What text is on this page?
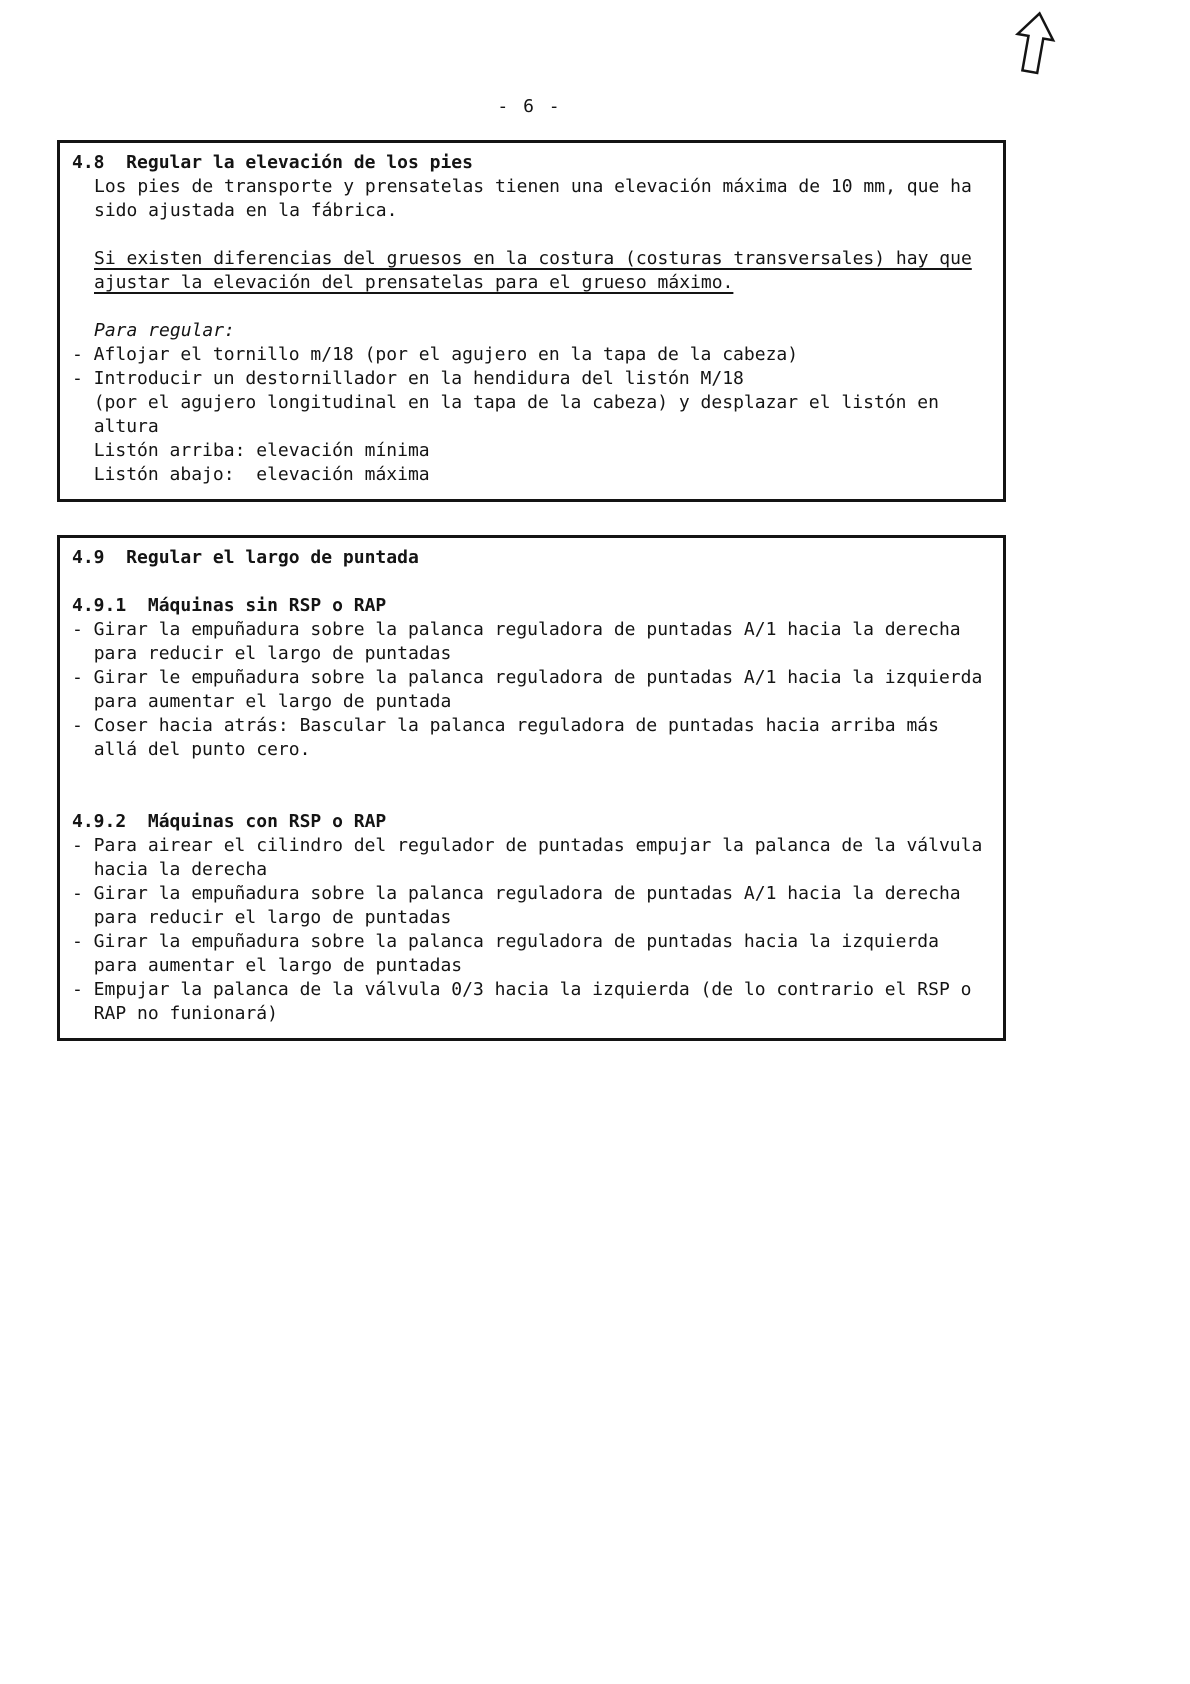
- 6 -
4.8  Regular la elevación de los pies
Los pies de transporte y prensatelas tienen una elevación máxima de 10 mm, que ha
sido ajustada en la fábrica.
Si existen diferencias del gruesos en la costura (costuras transversales) hay que
ajustar la elevación del prensatelas para el grueso máximo.
Para regular:
- Aflojar el tornillo m/18 (por el agujero en la tapa de la cabeza)
- Introducir un destornillador en la hendidura del listón M/18
(por el agujero longitudinal en la tapa de la cabeza) y desplazar el listón en
altura
Listón arriba: elevación mínima
Listón abajo:  elevación máxima
4.9  Regular el largo de puntada
4.9.1  Máquinas sin RSP o RAP
- Girar la empuñadura sobre la palanca reguladora de puntadas A/1 hacia la derecha
para reducir el largo de puntadas
- Girar le empuñadura sobre la palanca reguladora de puntadas A/1 hacia la izquierda
para aumentar el largo de puntada
- Coser hacia atrás: Bascular la palanca reguladora de puntadas hacia arriba más
allá del punto cero.
4.9.2  Máquinas con RSP o RAP
- Para airear el cilindro del regulador de puntadas empujar la palanca de la válvula
hacia la derecha
- Girar la empuñadura sobre la palanca reguladora de puntadas A/1 hacia la derecha
para reducir el largo de puntadas
- Girar la empuñadura sobre la palanca reguladora de puntadas hacia la izquierda
para aumentar el largo de puntadas
- Empujar la palanca de la válvula 0/3 hacia la izquierda (de lo contrario el RSP o
RAP no funionará)
